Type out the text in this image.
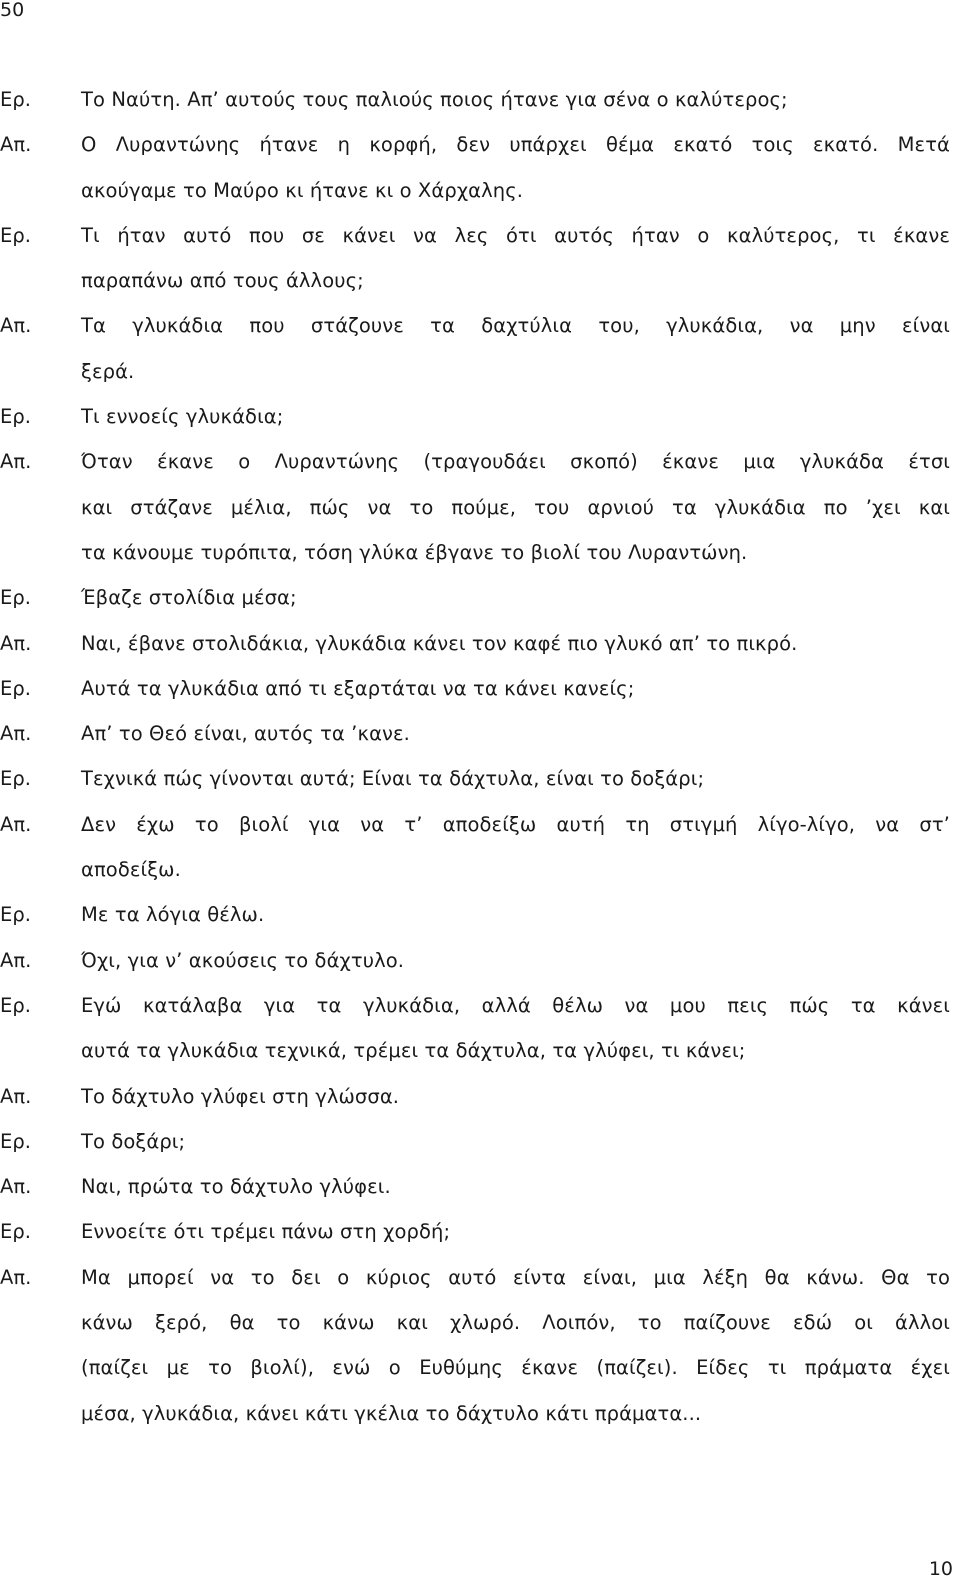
50
Ερ.	Το Ναύτη. Απ’ αυτούς τους παλιούς ποιος ήτανε για σένα ο καλύτερος;
Απ.	Ο Λυραντώνης ήτανε η κορφή, δεν υπάρχει θέμα εκατό τοις εκατό. Μετά
ακούγαμε το Μαύρο κι ήτανε κι ο Χάρχαλης.
Ερ.	Τι ήταν αυτό που σε κάνει να λες ότι αυτός ήταν ο καλύτερος, τι έκανε
παραπάνω από τους άλλους;
Απ.	Τα γλυκάδια που στάζουνε τα δαχτύλια του, γλυκάδια, να μην είναι
ξερά.
Ερ.	Τι εννοείς γλυκάδια;
Απ.	Όταν έκανε ο Λυραντώνης (τραγουδάει σκοπό) έκανε μια γλυκάδα έτσι
και στάζανε μέλια, πώς να το πούμε, του αρνιού τα γλυκάδια πο ’χει και
τα κάνουμε τυρόπιτα, τόση γλύκα έβγανε το βιολί του Λυραντώνη.
Ερ.	Έβαζε στολίδια μέσα;
Απ.	Ναι, έβανε στολιδάκια, γλυκάδια κάνει τον καφέ πιο γλυκό απ’ το πικρό.
Ερ.	Αυτά τα γλυκάδια από τι εξαρτάται να τα κάνει κανείς;
Απ.	Απ’ το Θεό είναι, αυτός τα ’κανε.
Ερ.	Τεχνικά πώς γίνονται αυτά; Είναι τα δάχτυλα, είναι το δοξάρι;
Απ.	Δεν έχω το βιολί για να τ’ αποδείξω αυτή τη στιγμή λίγο-λίγο, να στ’
αποδείξω.
Ερ.	Με τα λόγια θέλω.
Απ.	Όχι, για ν’ ακούσεις το δάχτυλο.
Ερ.	Εγώ κατάλαβα για τα γλυκάδια, αλλά θέλω να μου πεις πώς τα κάνει
αυτά τα γλυκάδια τεχνικά, τρέμει τα δάχτυλα, τα γλύφει, τι κάνει;
Απ.	Το δάχτυλο γλύφει στη γλώσσα.
Ερ.	Το δοξάρι;
Απ.	Ναι, πρώτα το δάχτυλο γλύφει.
Ερ.	Εννοείτε ότι τρέμει πάνω στη χορδή;
Απ.	Μα μπορεί να το δει ο κύριος αυτό είντα είναι, μια λέξη θα κάνω. Θα το
κάνω ξερό, θα το κάνω και χλωρό. Λοιπόν, το παίζουνε εδώ οι άλλοι
(παίζει με το βιολί), ενώ ο Ευθύμης έκανε (παίζει). Είδες τι πράματα έχει
μέσα, γλυκάδια, κάνει κάτι γκέλια το δάχτυλο κάτι πράματα...
10
